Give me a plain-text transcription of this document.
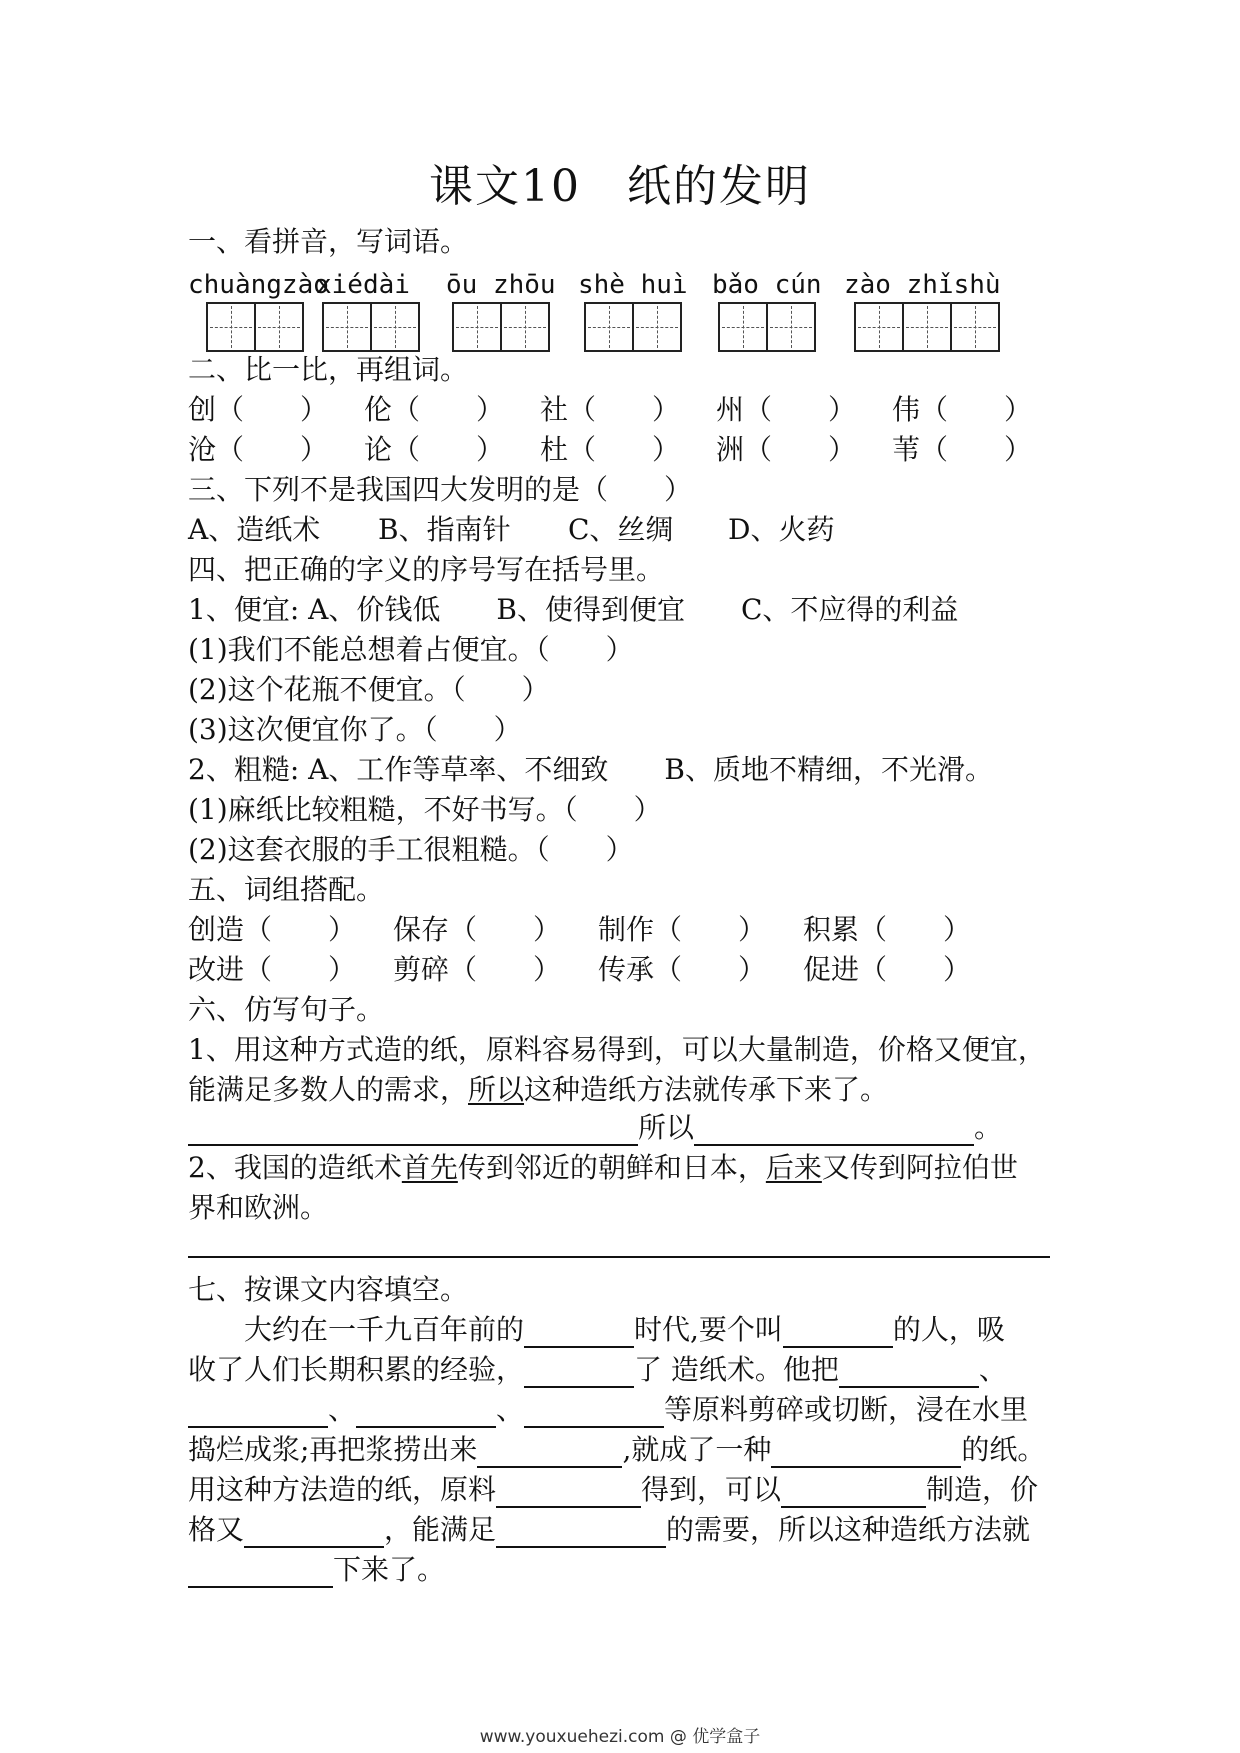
课文10　纸的发明
一、看拼音，写词语。
chuàngzào
xiédài ōu zhōu shè huì bǎo cún zào zhǐshù
二、比一比，再组词。
创（　　） 伦（　　） 社（　　） 州（　　） 伟（　　）
沧（　　） 论（　　） 杜（　　） 洲（　　） 苇（　　）
三、下列不是我国四大发明的是（　　）
A、造纸术 B、指南针 C、丝绸 D、火药
四、把正确的字义的序号写在括号里。
1、便宜: A、价钱低　　B、使得到便宜　　C、不应得的利益
(1)我们不能总想着占便宜。（　　）
(2)这个花瓶不便宜。（　　）
(3)这次便宜你了。（　　）
2、粗糙: A、工作等草率、不细致　　B、质地不精细，不光滑。
(1)麻纸比较粗糙，不好书写。（　　）
(2)这套衣服的手工很粗糙。（　　）
五、词组搭配。
创造（　　） 保存（　　） 制作（　　） 积累（　　）
改进（　　） 剪碎（　　） 传承（　　） 促进（　　）
六、仿写句子。
1、用这种方式造的纸，原料容易得到，可以大量制造，价格又便宜，
能满足多数人的需求，所以这种造纸方法就传承下来了。
所以	。
2、我国的造纸术首先传到邻近的朝鲜和日本，后来又传到阿拉伯世
界和欧洲。
七、按课文内容填空。
大约在一千九百年前的	时代,要个叫	的人，吸
收了人们长期积累的经验，	了 造纸术。他把	、
、	、	等原料剪碎或切断，浸在水里
捣烂成浆;再把浆捞出来	,就成了一种	的纸。
用这种方法造的纸，原料	得到，可以	制造，价
格又	，能满足	的需要，所以这种造纸方法就
下来了。
www.youxuehezi.com @ 优学盒子
